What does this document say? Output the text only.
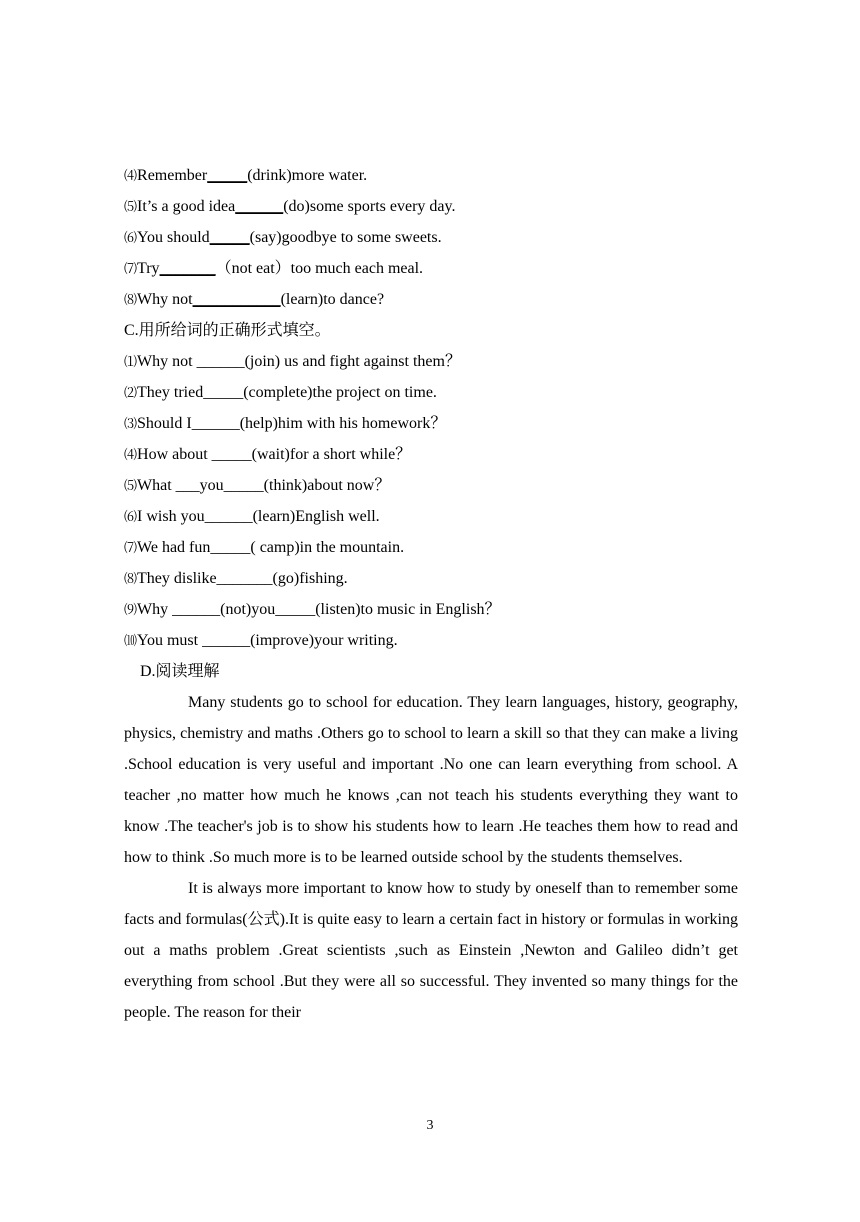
⑷Remember_____(drink)more water.
⑸It’s a good idea______(do)some sports every day.
⑹You should_____(say)goodbye to some sweets.
⑺Try_______（not eat）too much each meal.
⑻Why not___________(learn)to dance?
C.用所给词的正确形式填空。
⑴Why not ______(join) us and fight against them？
⑵They tried_____(complete)the project on time.
⑶Should I______(help)him with his homework？
⑷How about _____(wait)for a short while？
⑸What ___you_____(think)about now？
⑹I wish you______(learn)English well.
⑺We had fun_____( camp)in the mountain.
⑻They dislike_______(go)fishing.
⑼Why ______(not)you_____(listen)to music in English？
⑽You must ______(improve)your writing.
D.阅读理解

Many students go to school for education. They learn languages, history, geography, physics, chemistry and maths .Others go to school to learn a skill so that they can make a living .School education is very useful and important .No one can learn everything from school. A teacher ,no matter how much he knows ,can not teach his students everything they want to know .The teacher's job is to show his students how to learn .He teaches them how to read and how to think .So much more is to be learned outside school by the students themselves.

It is always more important to know how to study by oneself than to remember some facts and formulas(公式).It is quite easy to learn a certain fact in history or formulas in working out a maths problem .Great scientists ,such as Einstein ,Newton and Galileo didn’t get everything from school .But they were all so successful. They invented so many things for the people. The reason for their

3
